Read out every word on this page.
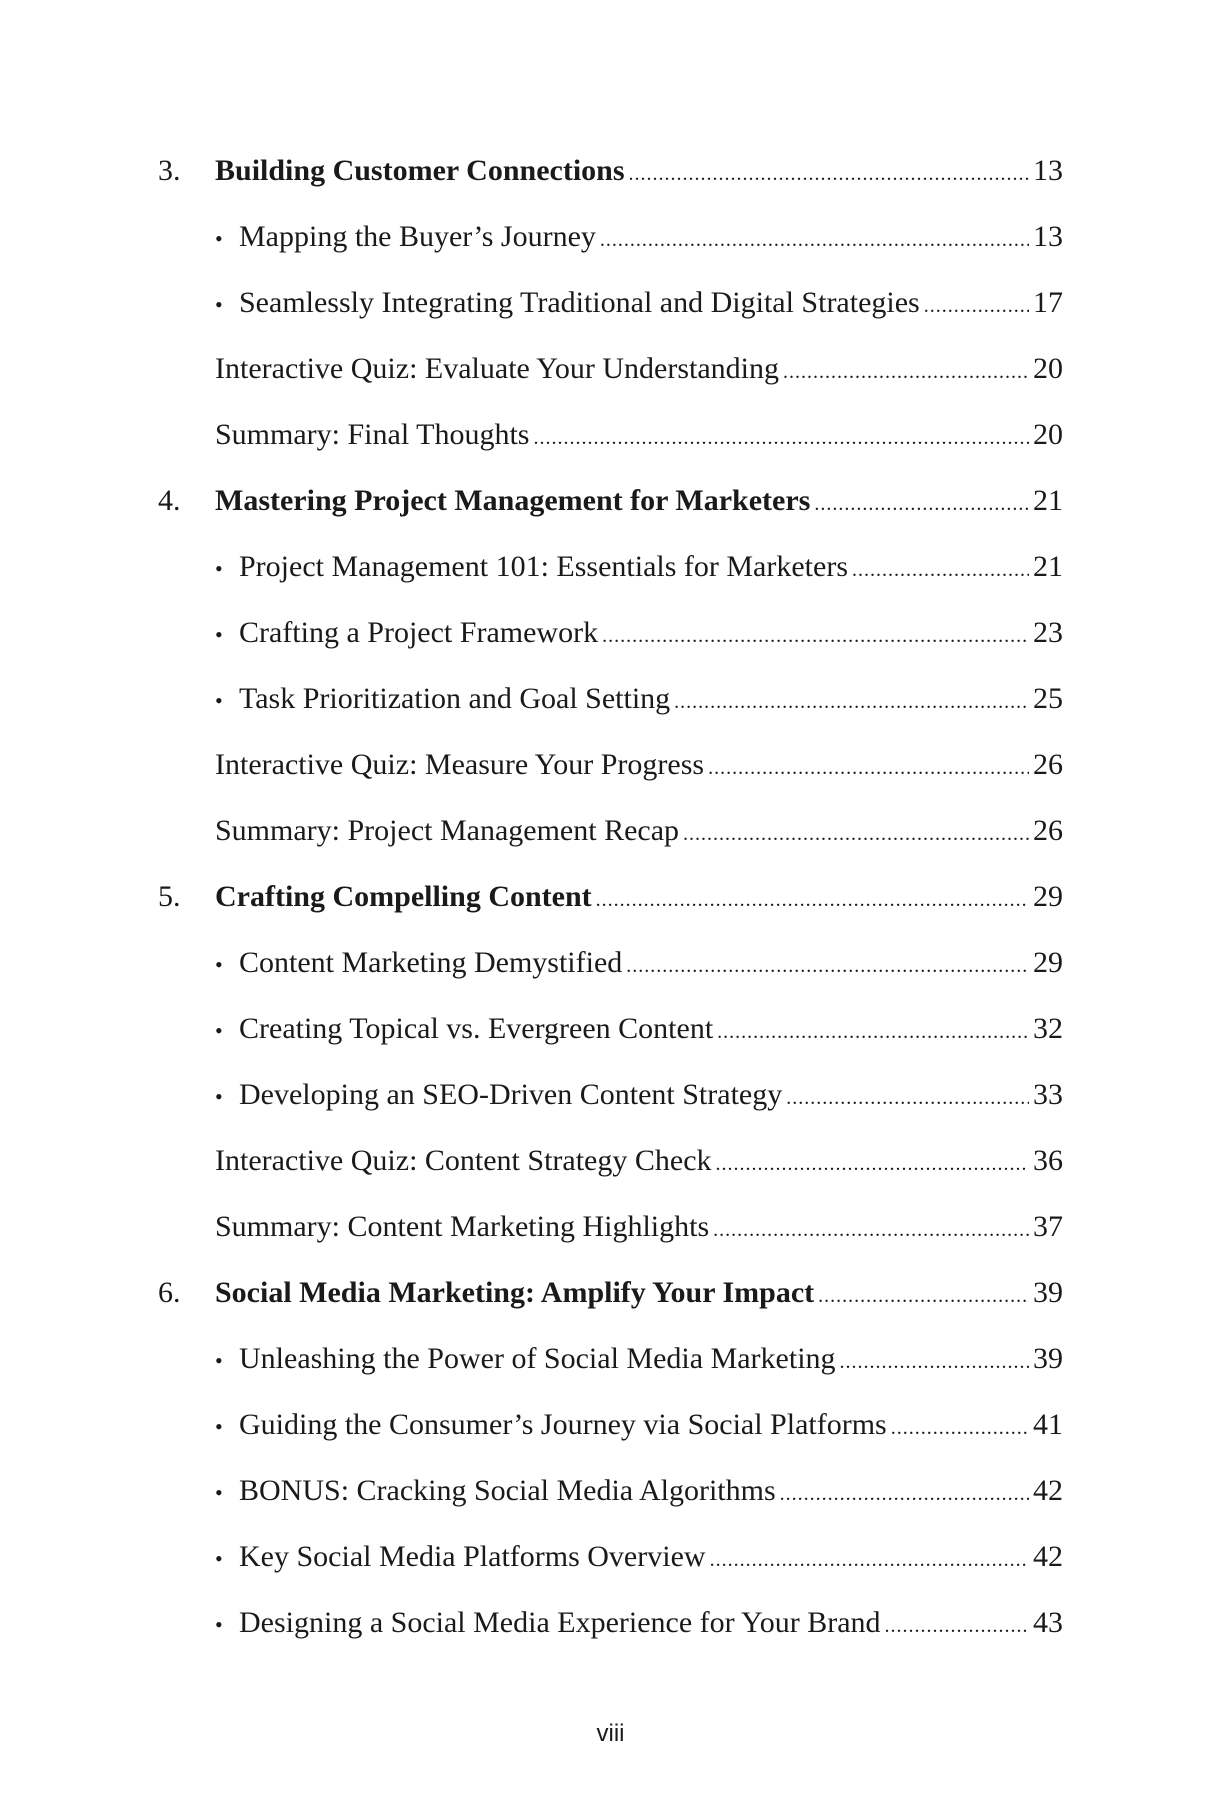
3.	Building Customer Connections .....	13
• Mapping the Buyer’s Journey .....	13
• Seamlessly Integrating Traditional and Digital Strategies .....	17
Interactive Quiz: Evaluate Your Understanding .....	20
Summary: Final Thoughts .....	20
4.	Mastering Project Management for Marketers .....	21
• Project Management 101: Essentials for Marketers .....	21
• Crafting a Project Framework .....	23
• Task Prioritization and Goal Setting .....	25
Interactive Quiz: Measure Your Progress .....	26
Summary: Project Management Recap .....	26
5.	Crafting Compelling Content .....	29
• Content Marketing Demystified .....	29
• Creating Topical vs. Evergreen Content .....	32
• Developing an SEO-Driven Content Strategy .....	33
Interactive Quiz: Content Strategy Check .....	36
Summary: Content Marketing Highlights .....	37
6.	Social Media Marketing: Amplify Your Impact .....	39
• Unleashing the Power of Social Media Marketing .....	39
• Guiding the Consumer’s Journey via Social Platforms .....	41
• BONUS: Cracking Social Media Algorithms .....	42
• Key Social Media Platforms Overview .....	42
• Designing a Social Media Experience for Your Brand .....	43
viii
